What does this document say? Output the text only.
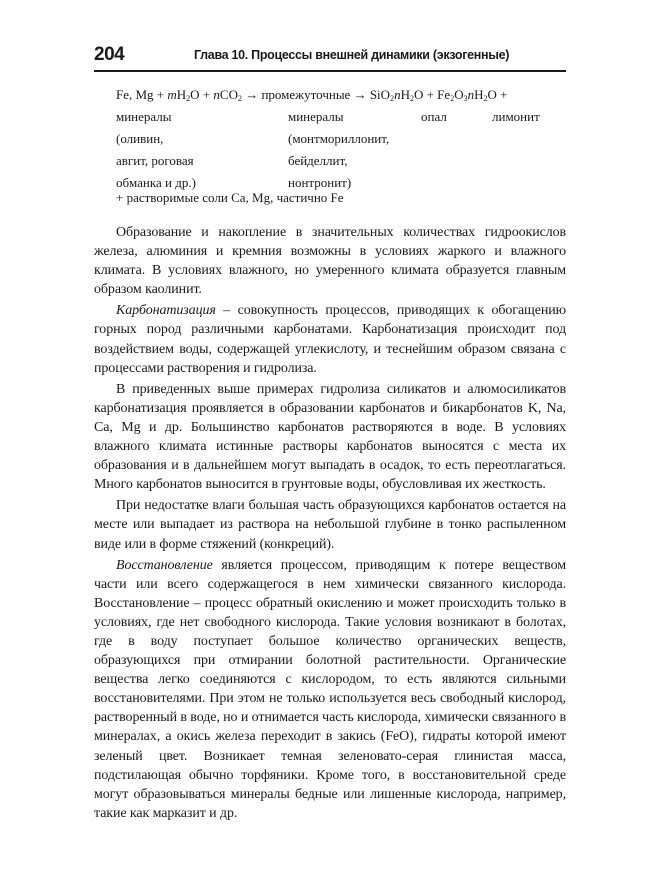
204	Глава 10. Процессы внешней динамики (экзогенные)
Fe, $Mg + mH_2O + nCO_2$ → промежуточные → $SiO_2nH_2O + Fe_2O_3nH_2O$ +
минералы
(оливин,
авгит, роговая
обманка и др.)
минералы
(монтмориллонит,
бейделлит,
нонтронит)
опал	лимонит
+ растворимые соли Ca, Mg, частично Fe

Образование и накопление в значительных количествах гидроокислов железа, алюминия и кремния возможны в условиях жаркого и влажного климата. В условиях влажного, но умеренного климата образуется главным образом каолинит.

Карбонатизация – совокупность процессов, приводящих к обогащению горных пород различными карбонатами. Карбонатизация происходит под воздействием воды, содержащей углекислоту, и теснейшим образом связана с процессами растворения и гидролиза.

В приведенных выше примерах гидролиза силикатов и алюмосиликатов карбонатизация проявляется в образовании карбонатов и бикарбонатов K, Na, Ca, Mg и др. Большинство карбонатов растворяются в воде. В условиях влажного климата истинные растворы карбонатов выносятся с места их образования и в дальнейшем могут выпадать в осадок, то есть переотлагаться. Много карбонатов выносится в грунтовые воды, обусловливая их жесткость.

При недостатке влаги большая часть образующихся карбонатов остается на месте или выпадает из раствора на небольшой глубине в тонко распыленном виде или в форме стяжений (конкреций).

Восстановление является процессом, приводящим к потере веществом части или всего содержащегося в нем химически связанного кислорода. Восстановление – процесс обратный окислению и может происходить только в условиях, где нет свободного кислорода. Такие условия возникают в болотах, где в воду поступает большое количество органических веществ, образующихся при отмирании болотной растительности. Органические вещества легко соединяются с кислородом, то есть являются сильными восстановителями. При этом не только используется весь свободный кислород, растворенный в воде, но и отнимается часть кислорода, химически связанного в минералах, а окись железа переходит в закись (FeO), гидраты которой имеют зеленый цвет. Возникает темная зеленовато-серая глинистая масса, подстилающая обычно торфяники. Кроме того, в восстановительной среде могут образовываться минералы бедные или лишенные кислорода, например, такие как марказит и др.
